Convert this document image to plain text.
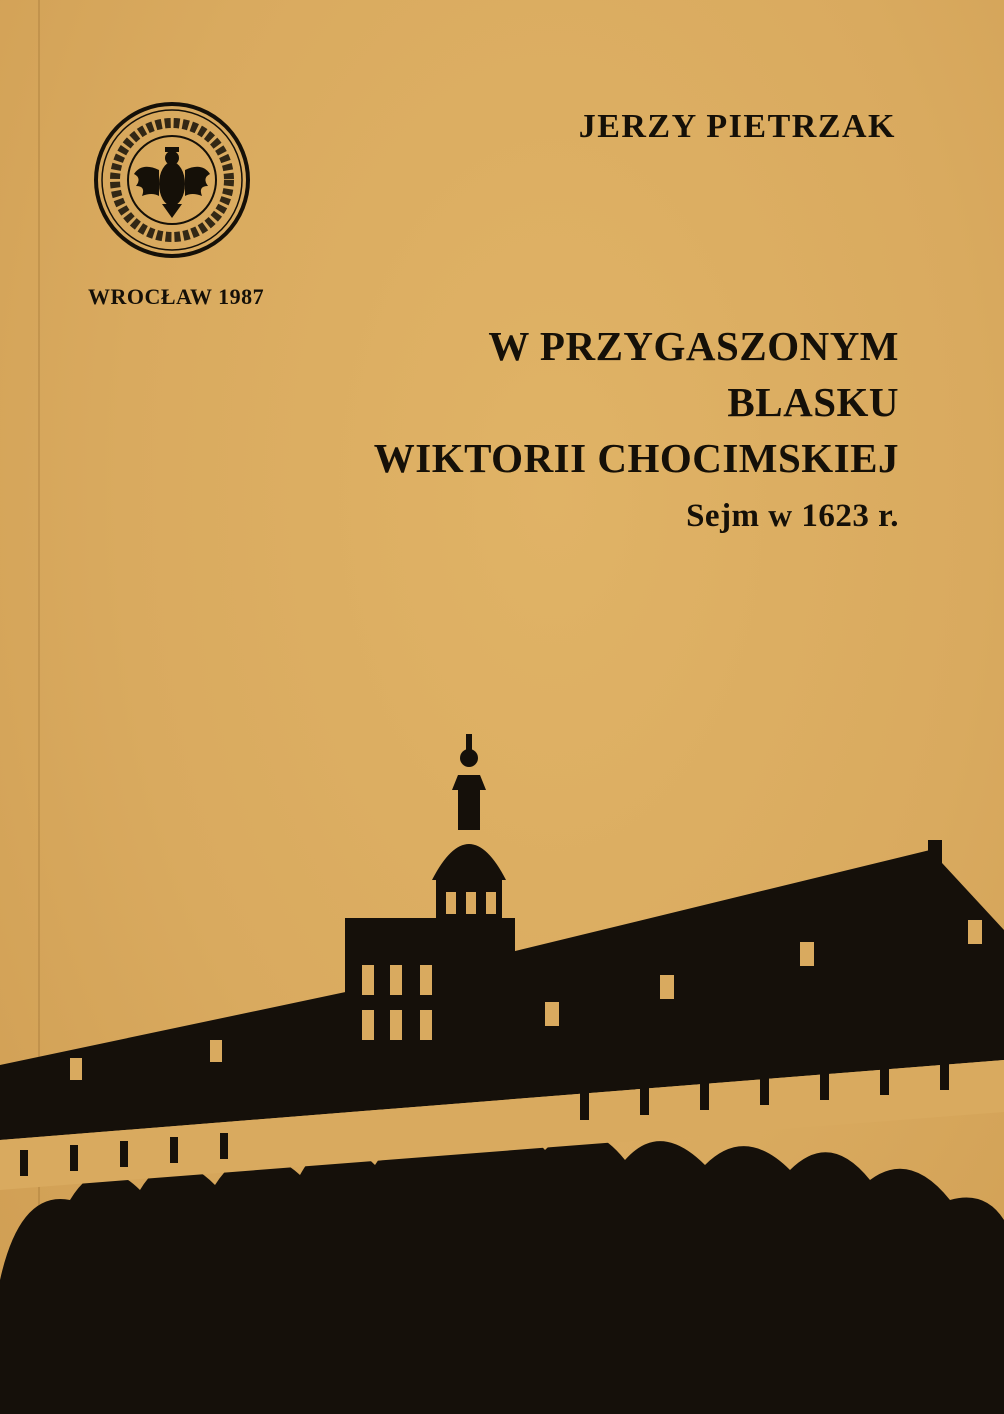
JERZY PIETRZAK
WROCŁAW 1987
W PRZYGASZONYM
BLASKU
WIKTORII CHOCIMSKIEJ
Sejm w 1623 r.
